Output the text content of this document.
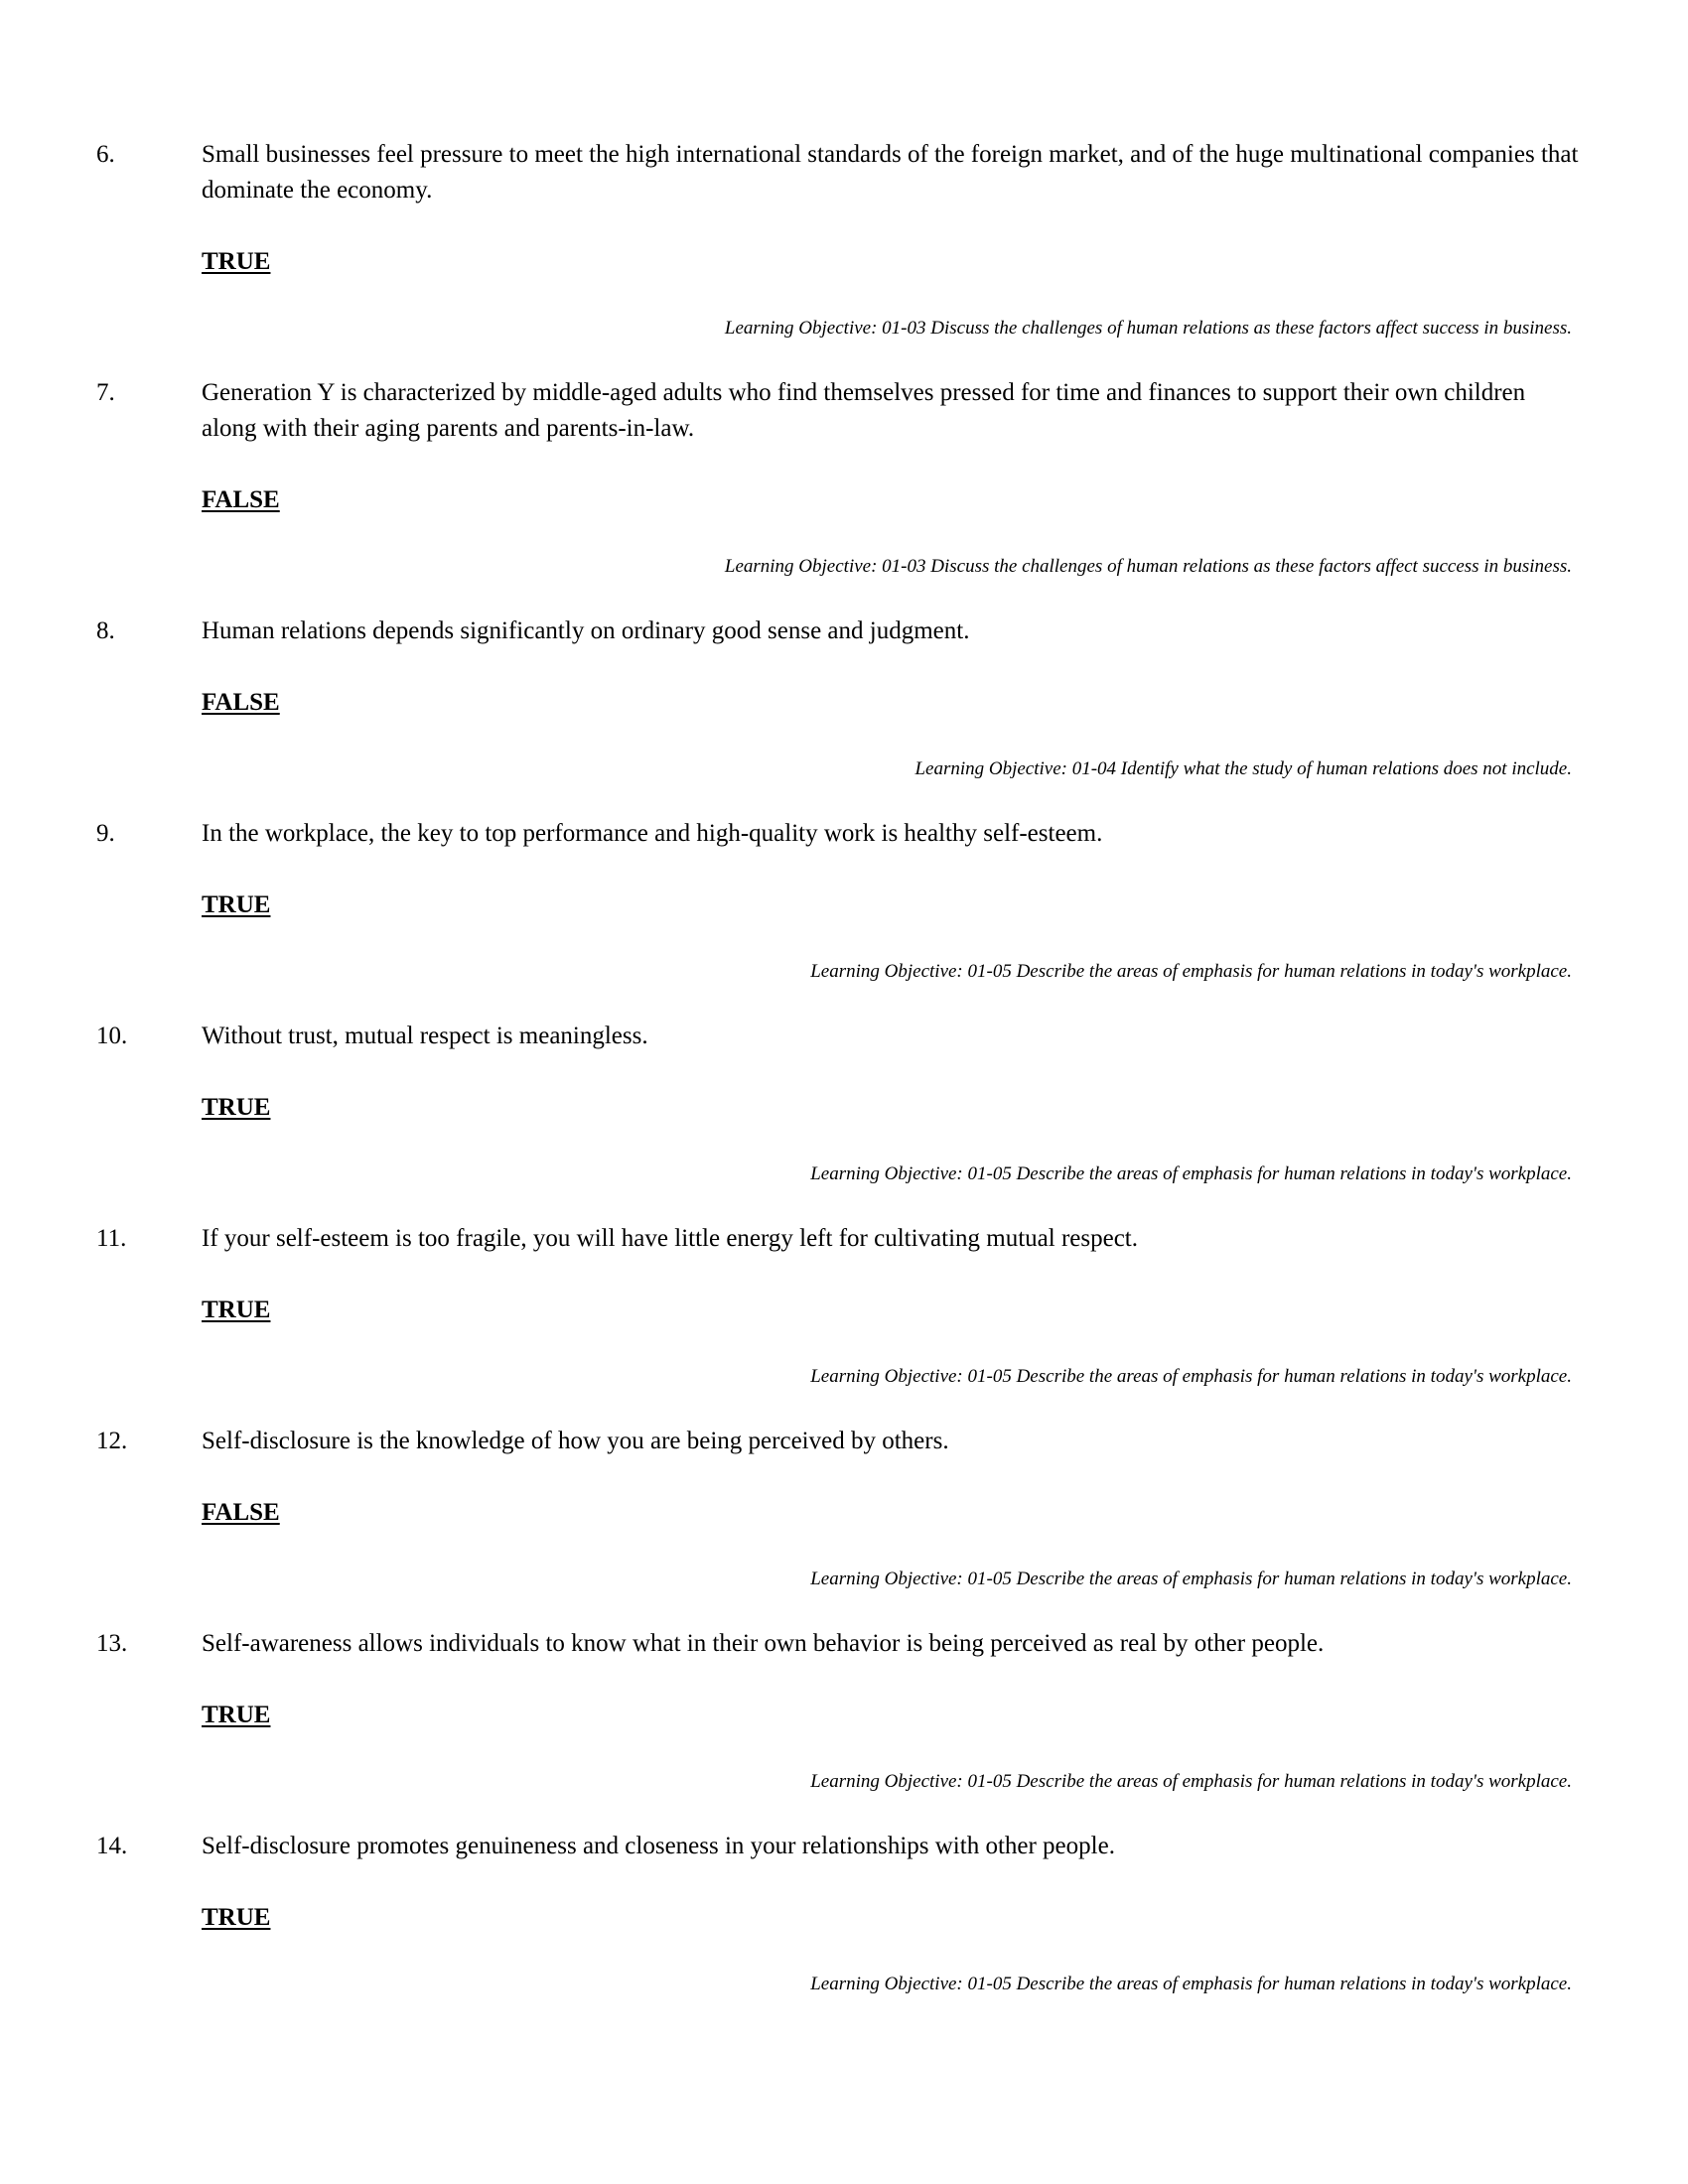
6.	Small businesses feel pressure to meet the high international standards of the foreign market, and of the huge multinational companies that dominate the economy.
TRUE
Learning Objective: 01-03 Discuss the challenges of human relations as these factors affect success in business.
7.	Generation Y is characterized by middle-aged adults who find themselves pressed for time and finances to support their own children along with their aging parents and parents-in-law.
FALSE
Learning Objective: 01-03 Discuss the challenges of human relations as these factors affect success in business.
8.	Human relations depends significantly on ordinary good sense and judgment.
FALSE
Learning Objective: 01-04 Identify what the study of human relations does not include.
9.	In the workplace, the key to top performance and high-quality work is healthy self-esteem.
TRUE
Learning Objective: 01-05 Describe the areas of emphasis for human relations in today's workplace.
10.	Without trust, mutual respect is meaningless.
TRUE
Learning Objective: 01-05 Describe the areas of emphasis for human relations in today's workplace.
11.	If your self-esteem is too fragile, you will have little energy left for cultivating mutual respect.
TRUE
Learning Objective: 01-05 Describe the areas of emphasis for human relations in today's workplace.
12.	Self-disclosure is the knowledge of how you are being perceived by others.
FALSE
Learning Objective: 01-05 Describe the areas of emphasis for human relations in today's workplace.
13.	Self-awareness allows individuals to know what in their own behavior is being perceived as real by other people.
TRUE
Learning Objective: 01-05 Describe the areas of emphasis for human relations in today's workplace.
14.	Self-disclosure promotes genuineness and closeness in your relationships with other people.
TRUE
Learning Objective: 01-05 Describe the areas of emphasis for human relations in today's workplace.
